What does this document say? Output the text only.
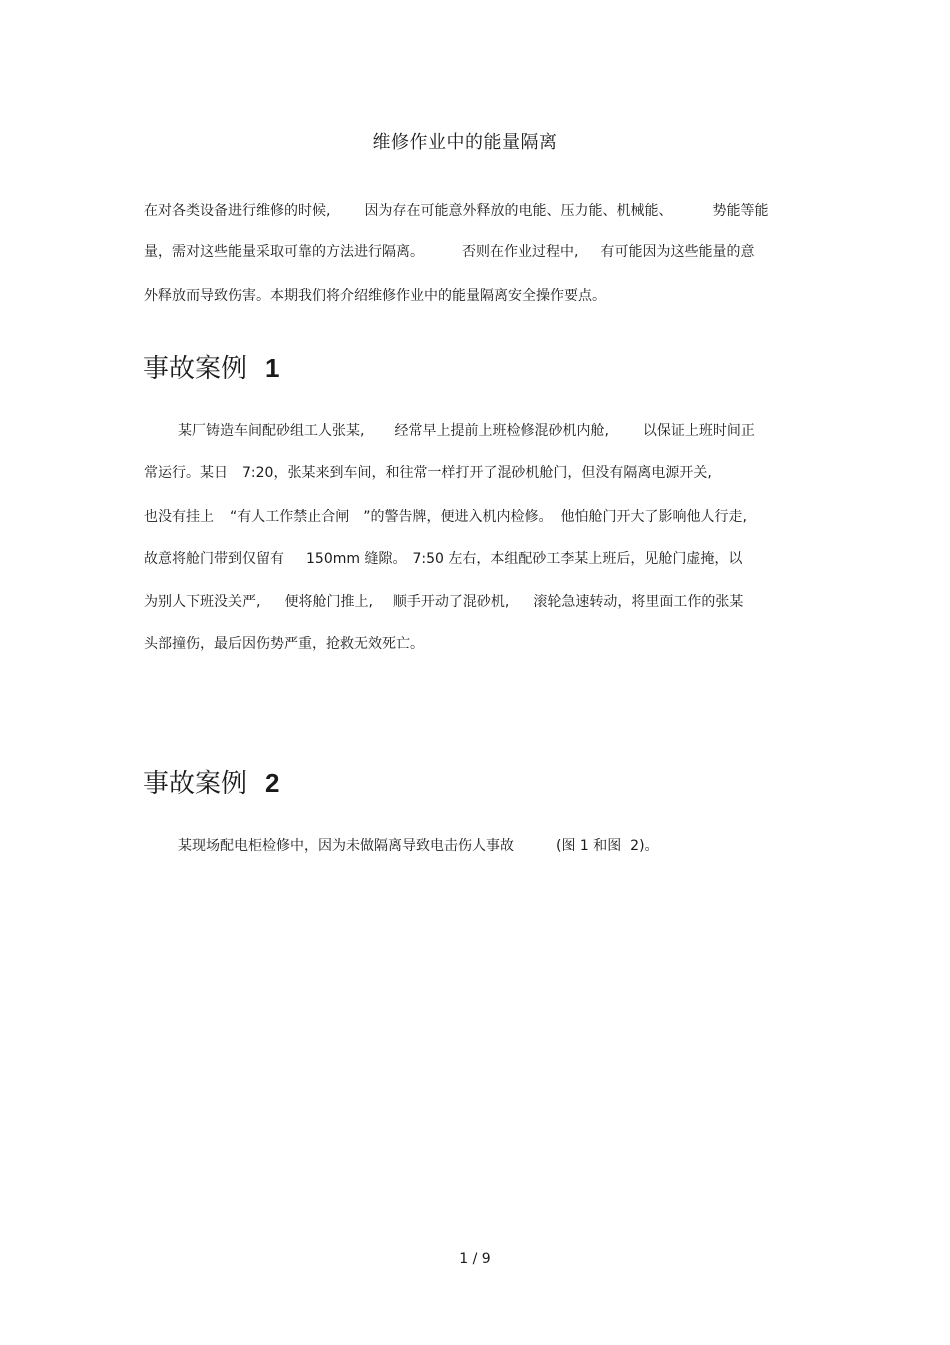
维修作业中的能量隔离
在对各类设备进行维修的时候, 因为存在可能意外释放的电能、压力能、机械能、	势能等能
量，需对这些能量采取可靠的方法进行隔离。	否则在作业过程中, 有可能因为这些能量的意
外释放而导致伤害。本期我们将介绍维修作业中的能量隔离安全操作要点。
事故案例 1
某厂铸造车间配砂组工人张某, 经常早上提前上班检修混砂机内舱, 以保证上班时间正
常运行。某日 7:20，张某来到车间，和往常一样打开了混砂机舱门，但没有隔离电源开关,
也没有挂上 “有人工作禁止合闸 ”的警告牌，便进入机内检修。 他怕舱门开大了影响他人行走,
故意将舱门带到仅留有 150mm 缝隙。 7:50 左右，本组配砂工李某上班后，见舱门虚掩，以
为别人下班没关严, 便将舱门推上, 顺手开动了混砂机, 滚轮急速转动，将里面工作的张某
头部撞伤，最后因伤势严重，抢救无效死亡。
事故案例 2
某现场配电柜检修中，因为未做隔离导致电击伤人事故	(图 1 和图  2)。
1 / 9
